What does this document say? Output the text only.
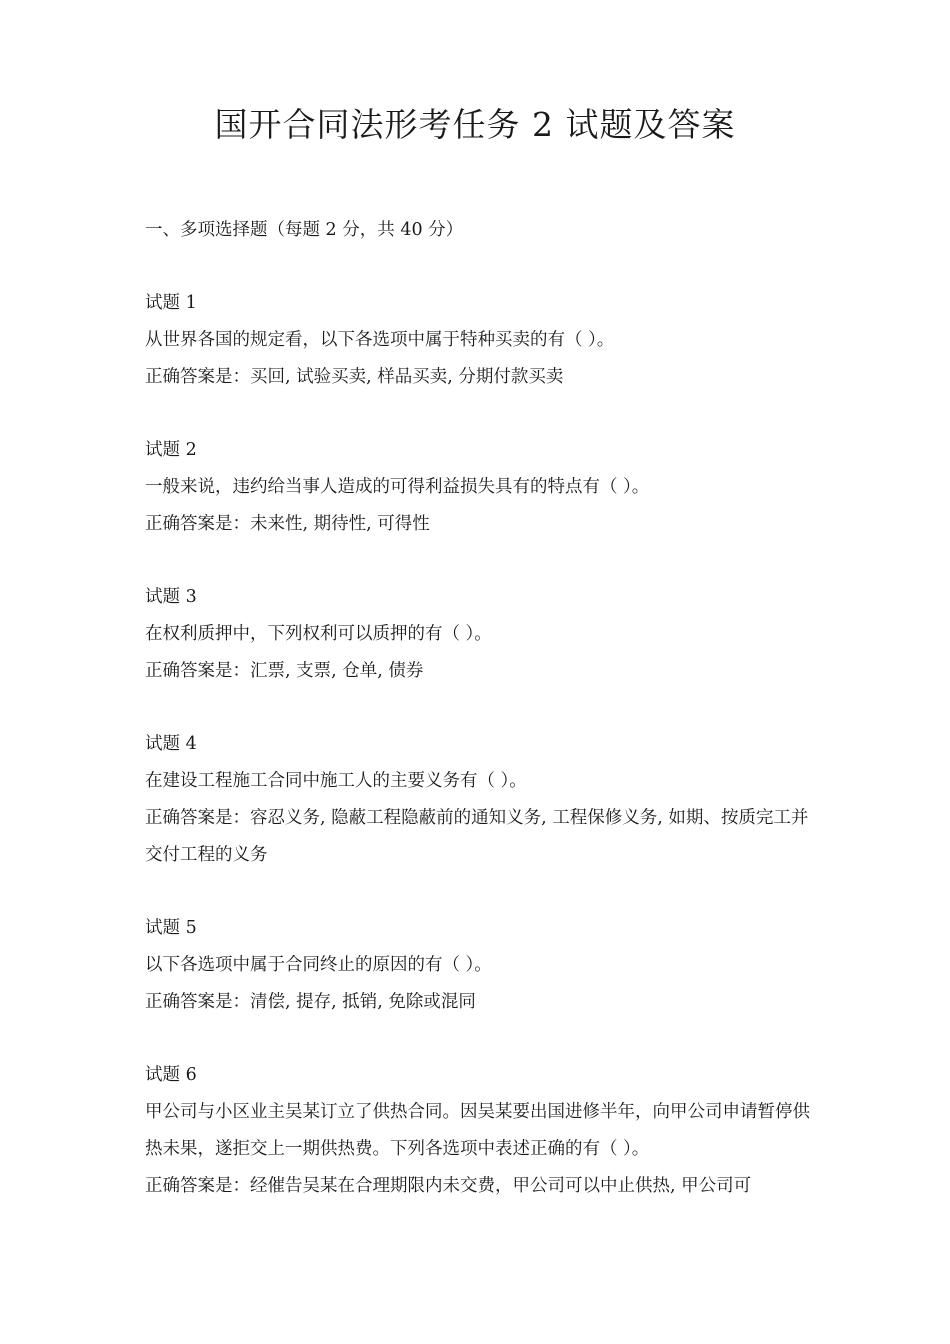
国开合同法形考任务 2 试题及答案

一、多项选择题（每题 2 分，共 40 分）

试题 1

从世界各国的规定看，以下各选项中属于特种买卖的有（ ）。

正确答案是：买回, 试验买卖, 样品买卖, 分期付款买卖

试题 2

一般来说，违约给当事人造成的可得利益损失具有的特点有（ ）。

正确答案是：未来性, 期待性, 可得性

试题 3

在权利质押中，下列权利可以质押的有（ ）。

正确答案是：汇票, 支票, 仓单, 债券

试题 4

在建设工程施工合同中施工人的主要义务有（ ）。

正确答案是：容忍义务, 隐蔽工程隐蔽前的通知义务, 工程保修义务, 如期、按质完工并交付工程的义务

试题 5

以下各选项中属于合同终止的原因的有（ ）。

正确答案是：清偿, 提存, 抵销, 免除或混同

试题 6

甲公司与小区业主吴某订立了供热合同。因吴某要出国进修半年，向甲公司申请暂停供热未果，遂拒交上一期供热费。下列各选项中表述正确的有（ ）。

正确答案是：经催告吴某在合理期限内未交费，甲公司可以中止供热, 甲公司可
